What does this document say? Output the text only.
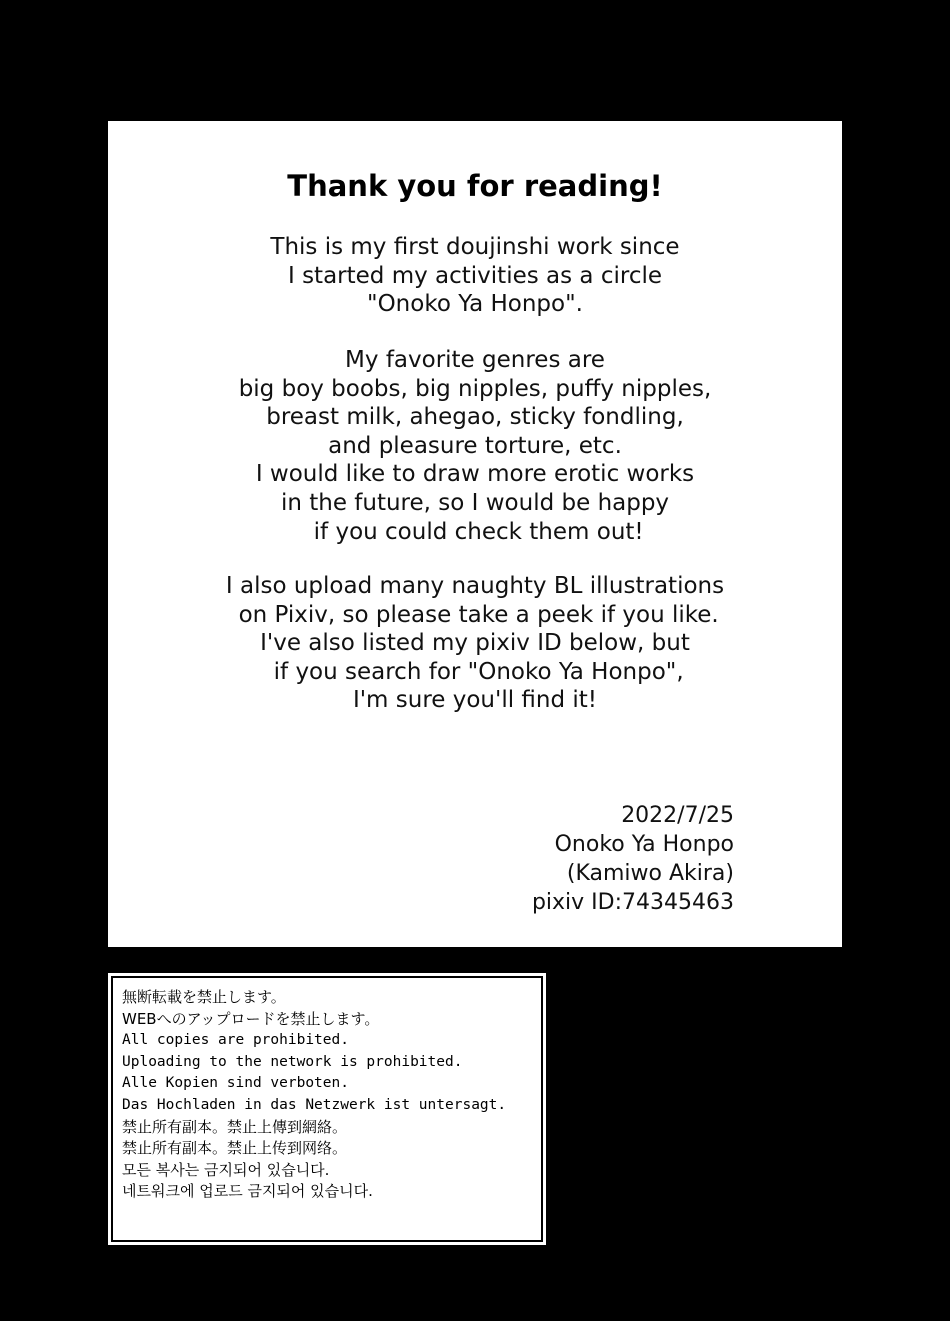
Thank you for reading!
This is my first doujinshi work since
I started my activities as a circle
"Onoko Ya Honpo".
My favorite genres are
big boy boobs, big nipples, puffy nipples,
breast milk, ahegao, sticky fondling,
and pleasure torture, etc.
I would like to draw more erotic works
in the future, so I would be happy
if you could check them out!
I also upload many naughty BL illustrations
on Pixiv, so please take a peek if you like.
I've also listed my pixiv ID below, but
if you search for "Onoko Ya Honpo",
I'm sure you'll find it!
2022/7/25
Onoko Ya Honpo
(Kamiwo Akira)
pixiv ID:74345463
無断転載を禁止します。
WEBへのアップロードを禁止します。
All copies are prohibited.
Uploading to the network is prohibited.
Alle Kopien sind verboten.
Das Hochladen in das Netzwerk ist untersagt.
禁止所有副本。禁止上傳到網絡。
禁止所有副本。禁止上传到网络。
모든 복사는 금지되어 있습니다.
네트워크에 업로드 금지되어 있습니다.
